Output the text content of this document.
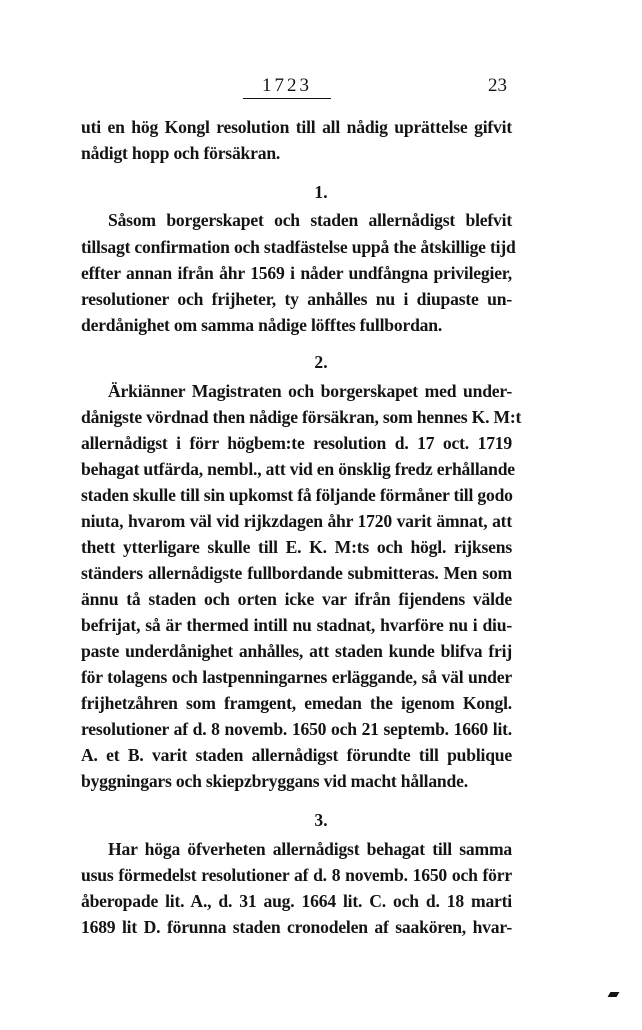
1723	23
uti en hög Kongl resolution till all nådig uprättelse gifvit
nådigt hopp och försäkran.
1.
Såsom borgerskapet och staden allernådigst blefvit
tillsagt confirmation och stadfästelse uppå the åtskillige tijd
effter annan ifrån åhr 1569 i nåder undfångna privilegier,
resolutioner och frijheter, ty anhålles nu i diupaste un-
derdånighet om samma nådige löfftes fullbordan.
2.
Ärkiänner Magistraten och borgerskapet med under-
dånigste vördnad then nådige försäkran, som hennes K. M:t
allernådigst i förr högbem:te resolution d. 17 oct. 1719
behagat utfärda, nembl., att vid en önsklig fredz erhållande
staden skulle till sin upkomst få följande förmåner till godo
niuta, hvarom väl vid rijkzdagen åhr 1720 varit ämnat, att
thett ytterligare skulle till E. K. M:ts och högl. rijksens
ständers allernådigste fullbordande submitteras. Men som
ännu tå staden och orten icke var ifrån fijendens välde
befrijat, så är thermed intill nu stadnat, hvarföre nu i diu-
paste underdånighet anhålles, att staden kunde blifva frij
för tolagens och lastpenningarnes erläggande, så väl under
frijhetzåhren som framgent, emedan the igenom Kongl.
resolutioner af d. 8 novemb. 1650 och 21 septemb. 1660 lit.
A. et B. varit staden allernådigst förundte till publique
byggningars och skiepzbryggans vid macht hållande.
3.
Har höga öfverheten allernådigst behagat till samma
usus förmedelst resolutioner af d. 8 novemb. 1650 och förr
åberopade lit. A., d. 31 aug. 1664 lit. C. och d. 18 marti
1689 lit D. förunna staden cronodelen af saakören, hvar-
